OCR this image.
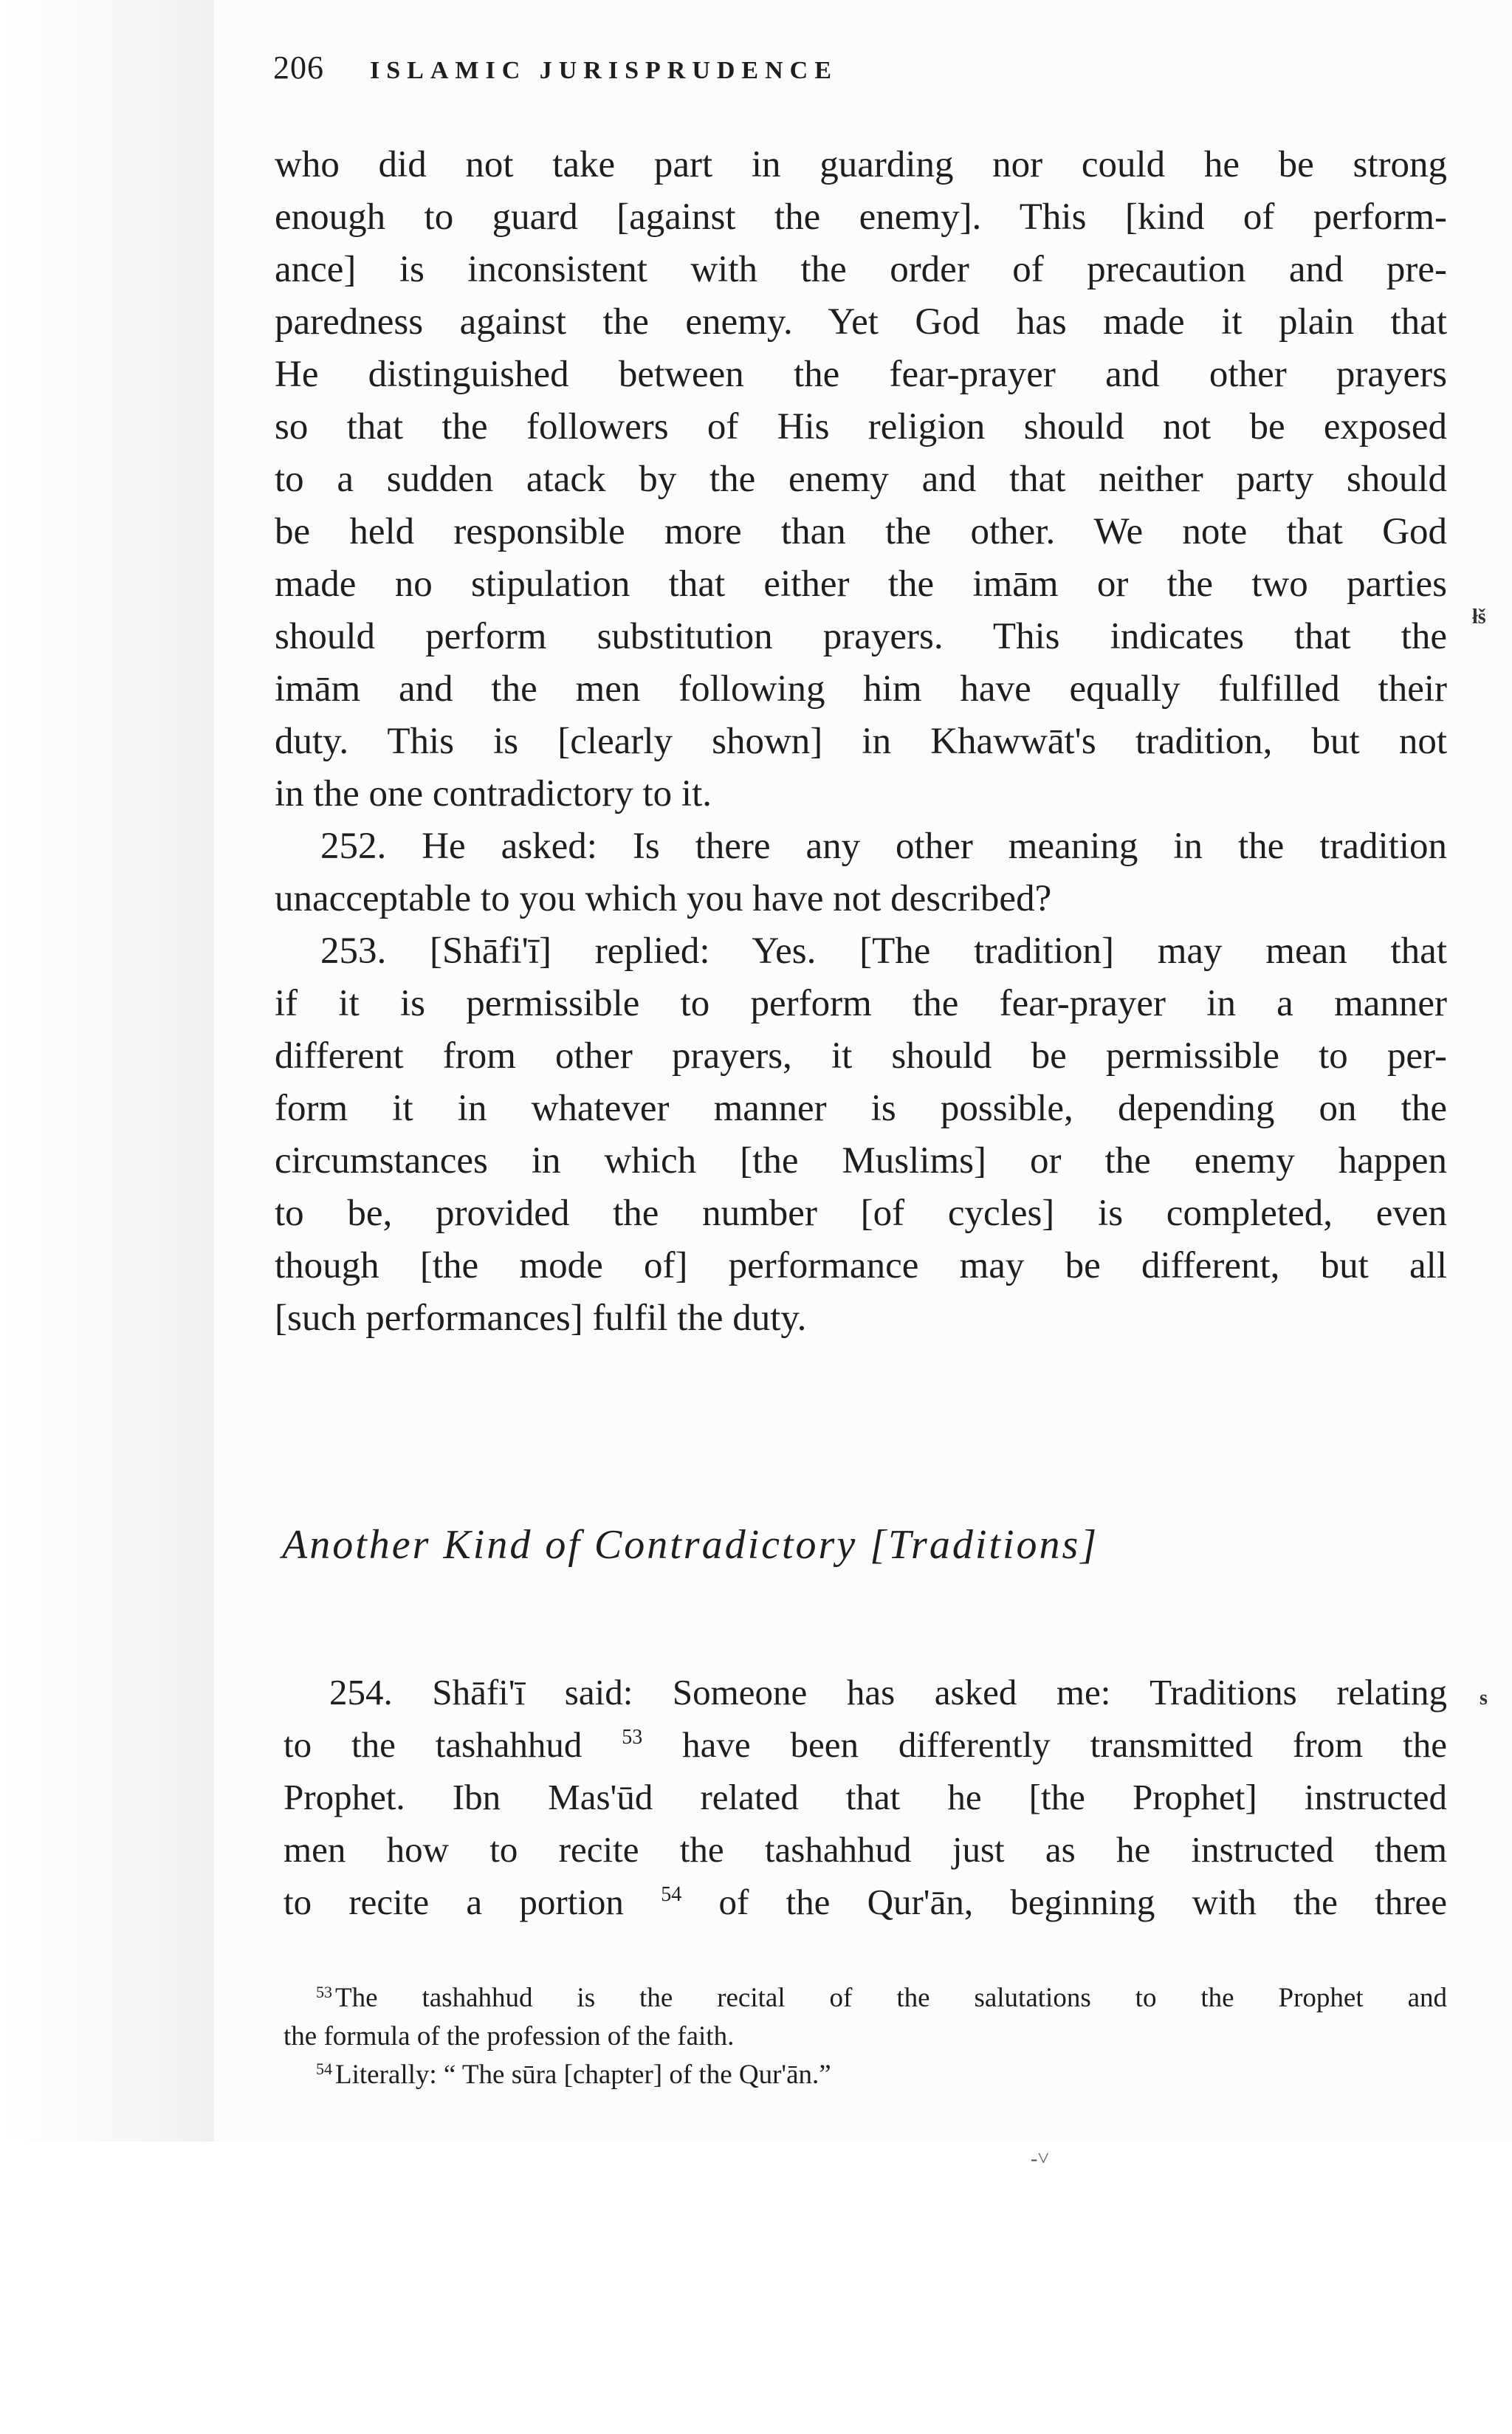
206 ISLAMIC JURISPRUDENCE
who did not take part in guarding nor could he be strong
enough to guard [against the enemy]. This [kind of perform-
ance] is inconsistent with the order of precaution and pre-
paredness against the enemy. Yet God has made it plain that
He distinguished between the fear-prayer and other prayers
so that the followers of His religion should not be exposed
to a sudden atack by the enemy and that neither party should
be held responsible more than the other. We note that God
made no stipulation that either the imām or the two parties
should perform substitution prayers. This indicates that the
imām and the men following him have equally fulfilled their
duty. This is [clearly shown] in Khawwāt's tradition, but not
in the one contradictory to it.
252. He asked: Is there any other meaning in the tradition
unacceptable to you which you have not described?
253. [Shāfi'ī] replied: Yes. [The tradition] may mean that
if it is permissible to perform the fear-prayer in a manner
different from other prayers, it should be permissible to per-
form it in whatever manner is possible, depending on the
circumstances in which [the Muslims] or the enemy happen
to be, provided the number [of cycles] is completed, even
though [the mode of] performance may be different, but all
[such performances] fulfil the duty.
Another Kind of Contradictory [Traditions]
254. Shāfi'ī said: Someone has asked me: Traditions relating
to the tashahhud $^{53}$ have been differently transmitted from the
Prophet. Ibn Mas'ūd related that he [the Prophet] instructed
men how to recite the tashahhud just as he instructed them
to recite a portion $^{54}$ of the Qur'ān, beginning with the three
$^{53}$ The tashahhud is the recital of the salutations to the Prophet and
the formula of the profession of the faith.
$^{54}$ Literally: “ The sūra [chapter] of the Qur'ān.”
łš
s
-˅
